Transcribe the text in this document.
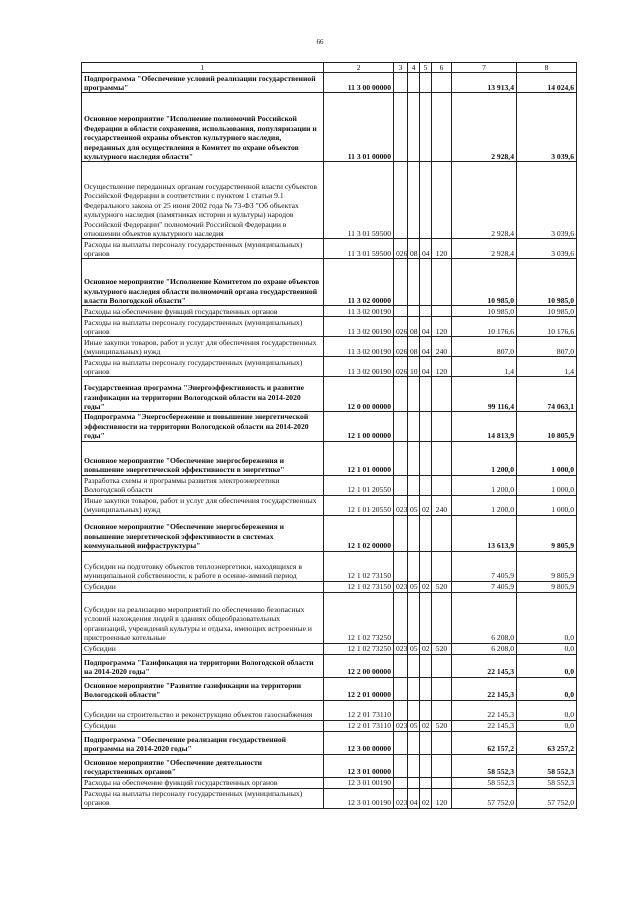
66
1	2	3	4	5	6	7	8
Подпрограмма "Обеспечение условий реализации государственной программы"	11 3 00 00000					13 913,4	14 024,6
Основное мероприятие "Исполнение полномочий Российской Федерации в области сохранения, использования, популяризации и государственной охраны объектов культурного наследия, переданных для осуществления в Комитет по охране объектов культурного наследия области"	11 3 01 00000					2 928,4	3 039,6
Осуществление переданных органам государственной власти субъектов Российской Федерации в соответствии с пунктом 1 статьи 9.1 Федерального закона от 25 июня 2002 года № 73-ФЗ "Об объектах культурного наследия (памятниках истории и культуры) народов Российской Федерации" полномочий Российской Федерации в отношении объектов культурного наследия	11 3 01 59500					2 928,4	3 039,6
Расходы на выплаты персоналу государственных (муниципальных) органов	11 3 01 59500	026	08	04	120	2 928,4	3 039,6
Основное мероприятие "Исполнение Комитетом по охране объектов культурного наследия области полномочий органа государственной власти Вологодской области"	11 3 02 00000					10 985,0	10 985,0
Расходы на обеспечение функций государственных органов	11 3 02 00190					10 985,0	10 985,0
Расходы на выплаты персоналу государственных (муниципальных) органов	11 3 02 00190	026	08	04	120	10 176,6	10 176,6
Иные закупки товаров, работ и услуг для обеспечения государственных (муниципальных) нужд	11 3 02 00190	026	08	04	240	807,0	807,0
Расходы на выплаты персоналу государственных (муниципальных) органов	11 3 02 00190	026	10	04	120	1,4	1,4
Государственная программа "Энергоэффективность и развитие газификации на территории Вологодской области на 2014-2020 годы"	12 0 00 00000					99 116,4	74 063,1
Подпрограмма "Энергосбережение и повышение энергетической эффективности на территории Вологодской области на 2014-2020 годы"	12 1 00 00000					14 813,9	10 805,9
Основное мероприятие "Обеспечение энергосбережения и повышение энергетической эффективности в энергетике"	12 1 01 00000					1 200,0	1 000,0
Разработка схемы и программы развития электроэнергетики Вологодской области	12 1 01 20550					1 200,0	1 000,0
Иные закупки товаров, работ и услуг для обеспечения государственных (муниципальных) нужд	12 1 01 20550	023	05	02	240	1 200,0	1 000,0
Основное мероприятие "Обеспечение энергосбережения и повышение энергетической эффективности в системах коммунальной инфраструктуры"	12 1 02 00000					13 613,9	9 805,9
Субсидии на подготовку объектов теплоэнергетики, находящихся в муниципальной собственности, к работе в осенне-зимний период	12 1 02 73150					7 405,9	9 805,9
Субсидии	12 1 02 73150	023	05	02	520	7 405,9	9 805,9
Субсидии на реализацию мероприятий по обеспечению безопасных условий нахождения людей в зданиях общеобразовательных организаций, учреждений культуры и отдыха, имеющих встроенные и пристроенные котельные	12 1 02 73250					6 208,0	0,0
Субсидии	12 1 02 73250	023	05	02	520	6 208,0	0,0
Подпрограмма "Газификация на территории Вологодской области на 2014-2020 годы"	12 2 00 00000					22 145,3	0,0
Основное мероприятие "Развитие газификации на территории Вологодской области"	12 2 01 00000					22 145,3	0,0
Субсидии на строительство и реконструкцию объектов газоснабжения	12 2 01 73110					22 145,3	0,0
Субсидии	12 2 01 73110	023	05	02	520	22 145,3	0,0
Подпрограмма "Обеспечение реализации государственной программы на 2014-2020 годы"	12 3 00 00000					62 157,2	63 257,2
Основное мероприятие "Обеспечение деятельности государственных органов"	12 3 01 00000					58 552,3	58 552,3
Расходы на обеспечение функций государственных органов	12 3 01 00190					58 552,3	58 552,3
Расходы на выплаты персоналу государственных (муниципальных) органов	12 3 01 00190	023	04	02	120	57 752,0	57 752,0
